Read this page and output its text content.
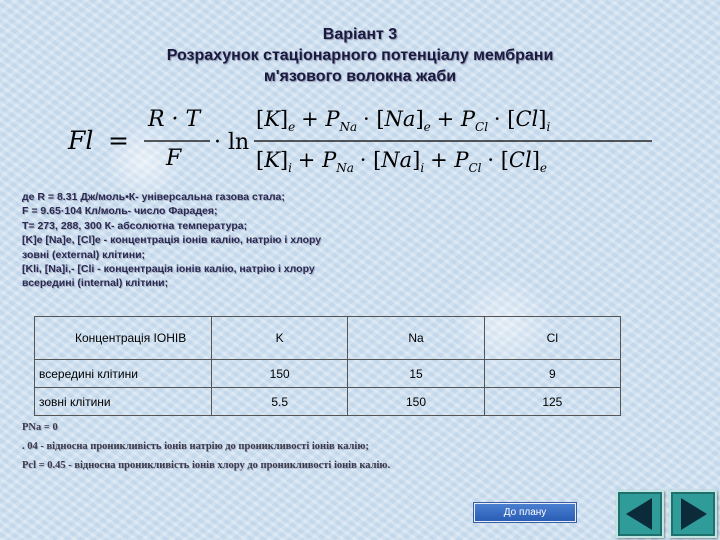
Варіант 3
Розрахунок стаціонарного потенціалу мембрани
м'язового волокна жаби
Fl =
R · T
F
· ln
$[K]_e + P_{Na} \cdot [Na]_e + P_{Cl} \cdot [Cl]_i$
$[K]_i + P_{Na} \cdot [Na]_i + P_{Cl} \cdot [Cl]_e$
де R = 8.31 Дж/моль•К- універсальна газова стала;
F = 9.65·104 Кл/моль- число Фарадея;
T= 273, 288, 300 К- абсолютна температура;
[K]e [Na]e, [Cl]e - концентрація іонів калію, натрію і хлору
зовні (external) клітини;
[Kli, [Na]i,- [Cli - концентрація іонів калію, натрію і хлору
всередині (internal) клітини;
Концентрація ІОНІВ	K	Na	Cl
всередині клітини	150	15	9
зовні клітини	5.5	150	125
PNa = 0
. 04 - відносна проникливість іонів натрію до проникливості іонів калію;
Pcl = 0.45 - відносна проникливість іонів хлору до проникливості іонів калію.
До плану
